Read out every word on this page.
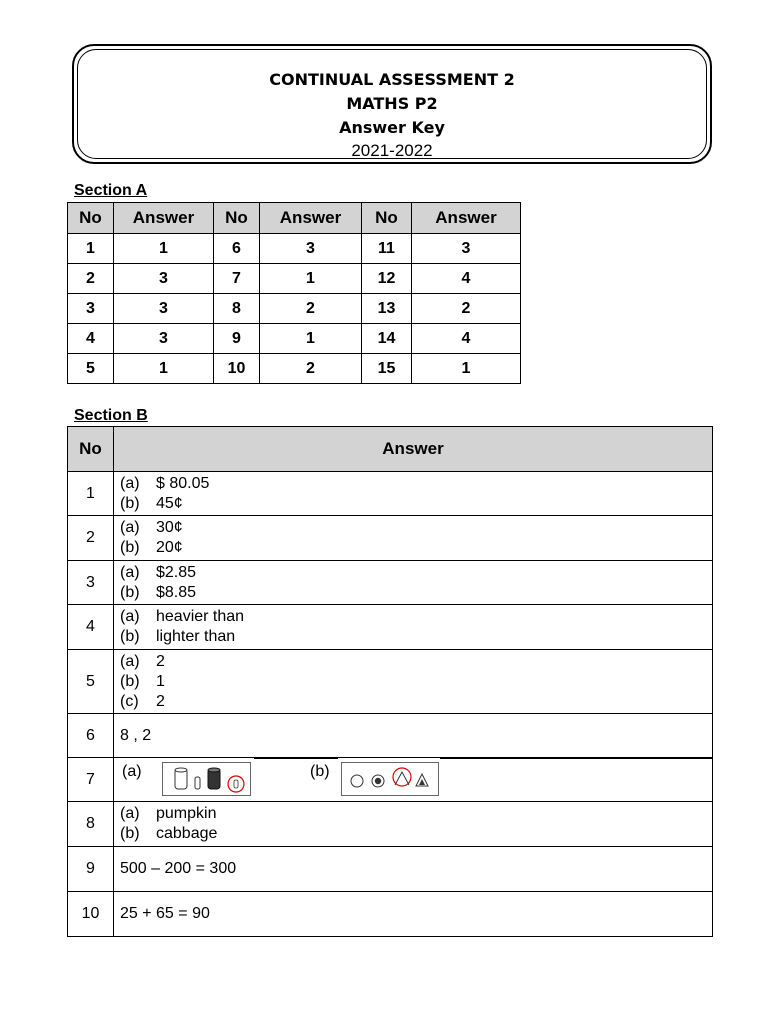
CONTINUAL ASSESSMENT 2
MATHS P2
Answer Key
2021-2022
Section A
No	Answer	No	Answer	No	Answer
1	1	6	3	11	3
2	3	7	1	12	4
3	3	8	2	13	2
4	3	9	1	14	4
5	1	10	2	15	1
Section B
No	Answer
1	(a) $ 80.05
(b) 45¢

2	(a) 30¢
(b) 20¢

3	(a) $2.85
(b) $8.85

4	(a) heavier than
(b) lighter than

5	(a) 2
(b) 1
(c) 2

6	8 , 2

7	(a) (b)

8	(a) pumpkin
(b) cabbage

9	500 – 200 = 300

10	25 + 65 = 90
